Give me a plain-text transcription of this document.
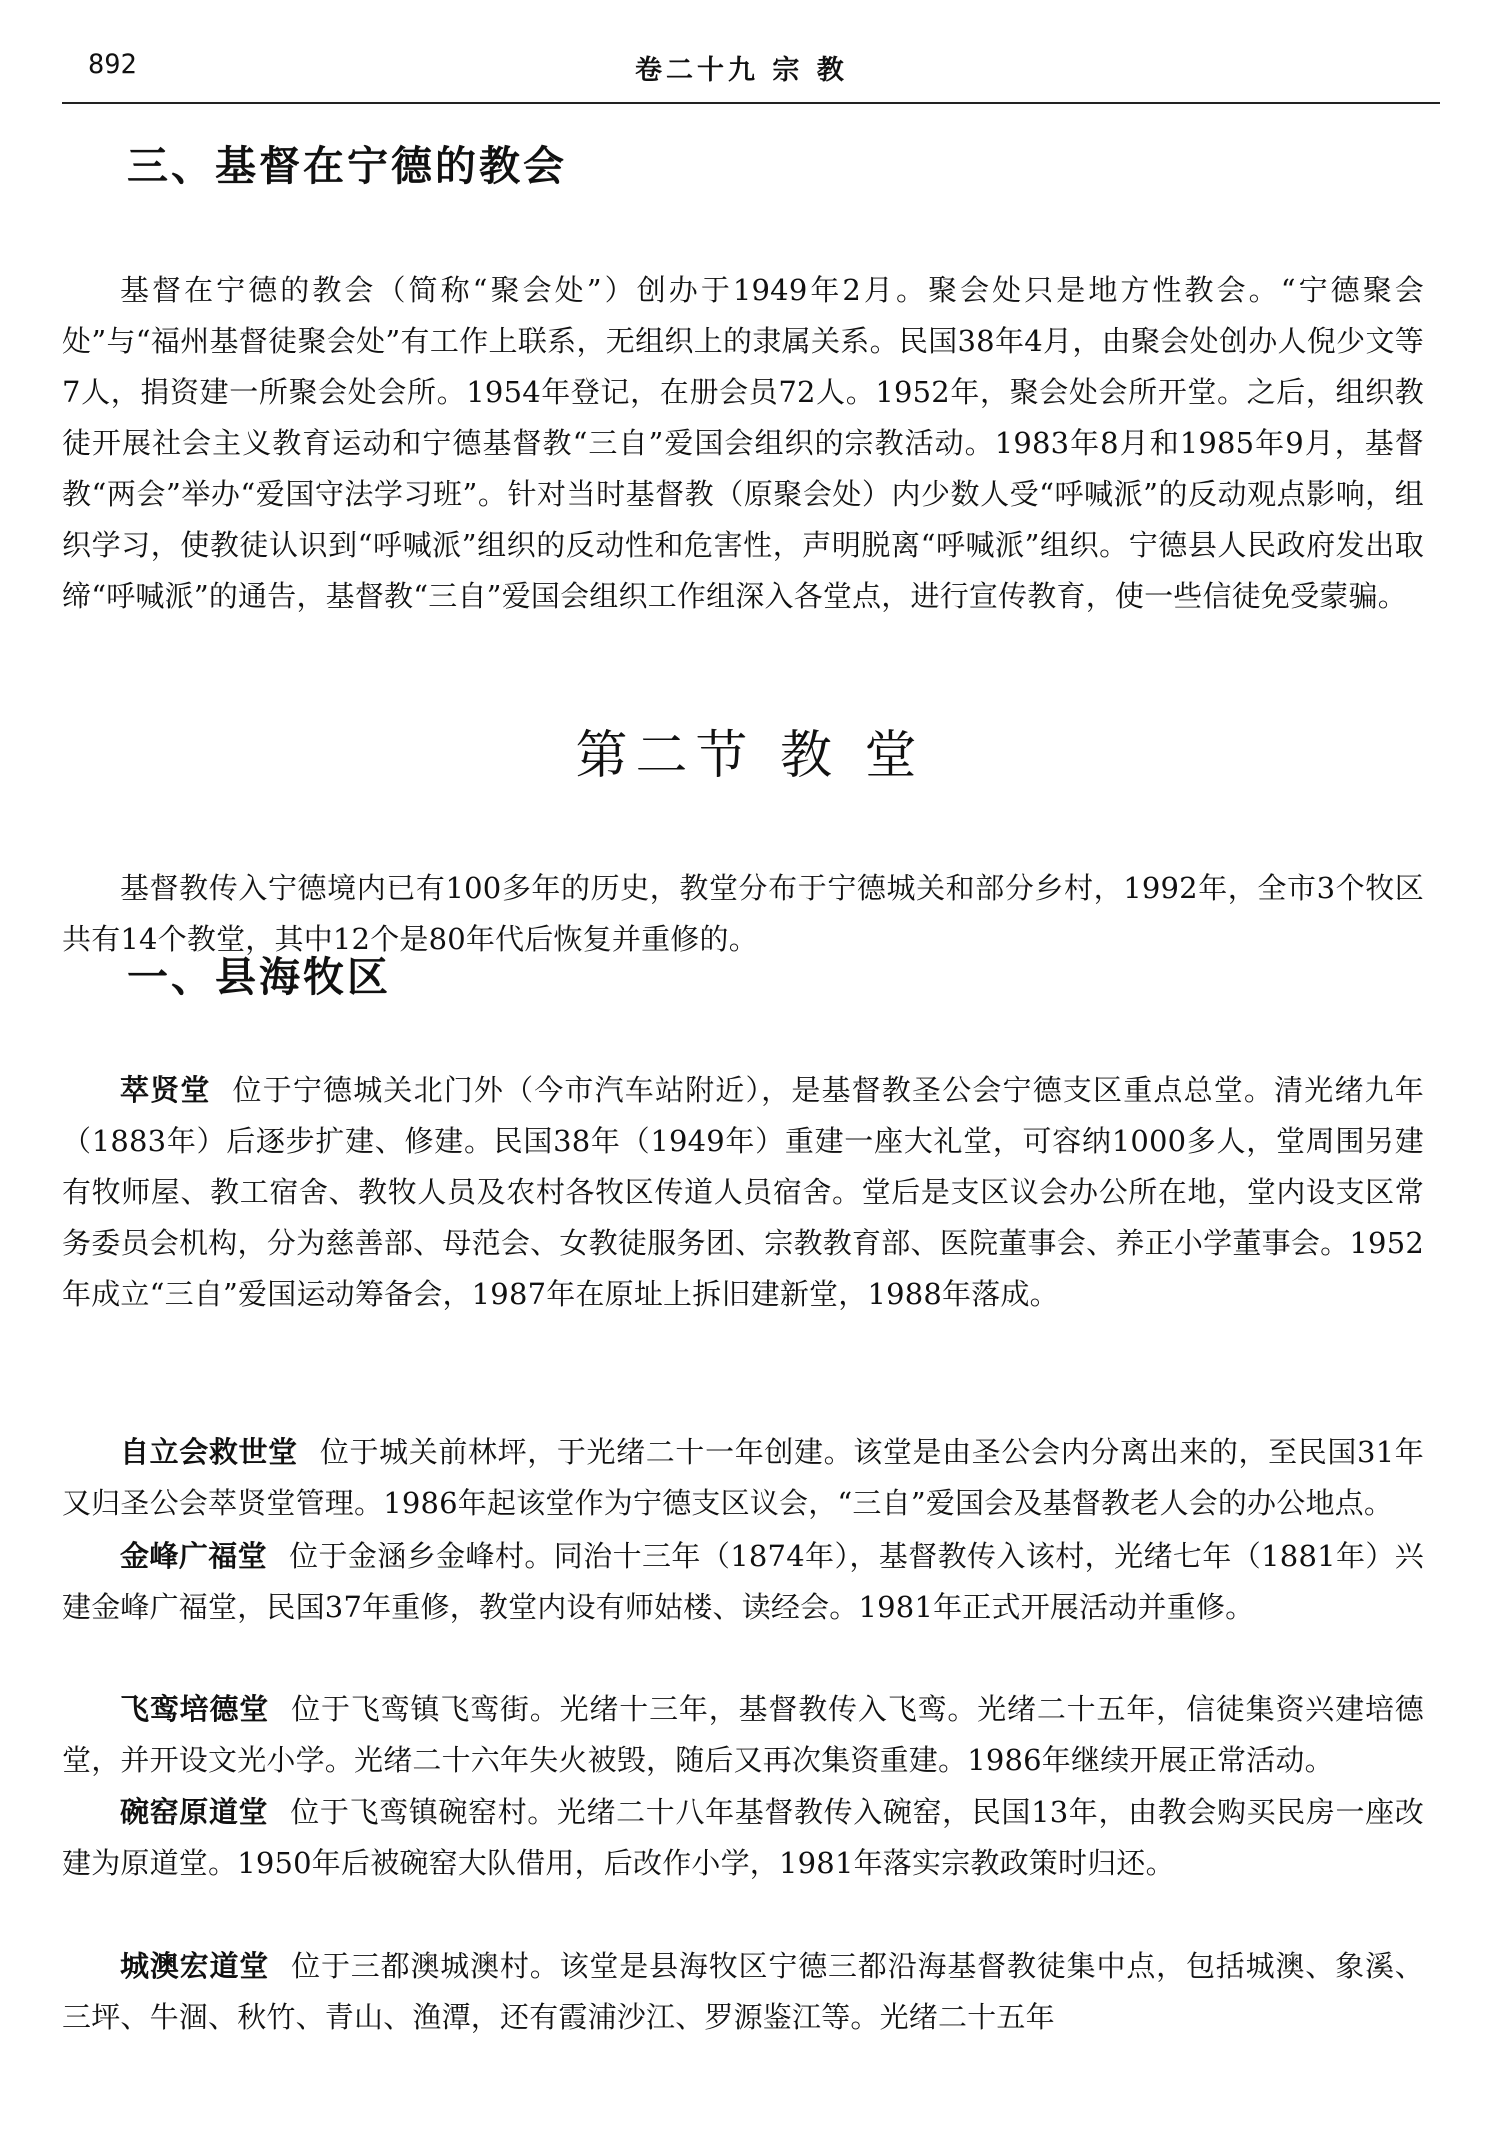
892	卷二十九 宗 教
三、基督在宁德的教会

基督在宁德的教会（简称“聚会处”）创办于1949年2月。聚会处只是地方性教会。“宁德聚会处”与“福州基督徒聚会处”有工作上联系，无组织上的隶属关系。民国38年4月，由聚会处创办人倪少文等7人，捐资建一所聚会处会所。1954年登记，在册会员72人。1952年，聚会处会所开堂。之后，组织教徒开展社会主义教育运动和宁德基督教“三自”爱国会组织的宗教活动。1983年8月和1985年9月，基督教“两会”举办“爱国守法学习班”。针对当时基督教（原聚会处）内少数人受“呼喊派”的反动观点影响，组织学习，使教徒认识到“呼喊派”组织的反动性和危害性，声明脱离“呼喊派”组织。宁德县人民政府发出取缔“呼喊派”的通告，基督教“三自”爱国会组织工作组深入各堂点，进行宣传教育，使一些信徒免受蒙骗。

第二节 教 堂

基督教传入宁德境内已有100多年的历史，教堂分布于宁德城关和部分乡村，1992年，全市3个牧区共有14个教堂，其中12个是80年代后恢复并重修的。

一、县海牧区

萃贤堂 位于宁德城关北门外（今市汽车站附近），是基督教圣公会宁德支区重点总堂。清光绪九年（1883年）后逐步扩建、修建。民国38年（1949年）重建一座大礼堂，可容纳1000多人，堂周围另建有牧师屋、教工宿舍、教牧人员及农村各牧区传道人员宿舍。堂后是支区议会办公所在地，堂内设支区常务委员会机构，分为慈善部、母范会、女教徒服务团、宗教教育部、医院董事会、养正小学董事会。1952年成立“三自”爱国运动筹备会，1987年在原址上拆旧建新堂，1988年落成。

自立会救世堂 位于城关前林坪，于光绪二十一年创建。该堂是由圣公会内分离出来的，至民国31年又归圣公会萃贤堂管理。1986年起该堂作为宁德支区议会，“三自”爱国会及基督教老人会的办公地点。

金峰广福堂 位于金涵乡金峰村。同治十三年（1874年），基督教传入该村，光绪七年（1881年）兴建金峰广福堂，民国37年重修，教堂内设有师姑楼、读经会。1981年正式开展活动并重修。

飞鸾培德堂 位于飞鸾镇飞鸾街。光绪十三年，基督教传入飞鸾。光绪二十五年，信徒集资兴建培德堂，并开设文光小学。光绪二十六年失火被毁，随后又再次集资重建。1986年继续开展正常活动。

碗窑原道堂 位于飞鸾镇碗窑村。光绪二十八年基督教传入碗窑，民国13年，由教会购买民房一座改建为原道堂。1950年后被碗窑大队借用，后改作小学，1981年落实宗教政策时归还。

城澳宏道堂 位于三都澳城澳村。该堂是县海牧区宁德三都沿海基督教徒集中点，包括城澳、象溪、三坪、牛涸、秋竹、青山、渔潭，还有霞浦沙江、罗源鉴江等。光绪二十五年
